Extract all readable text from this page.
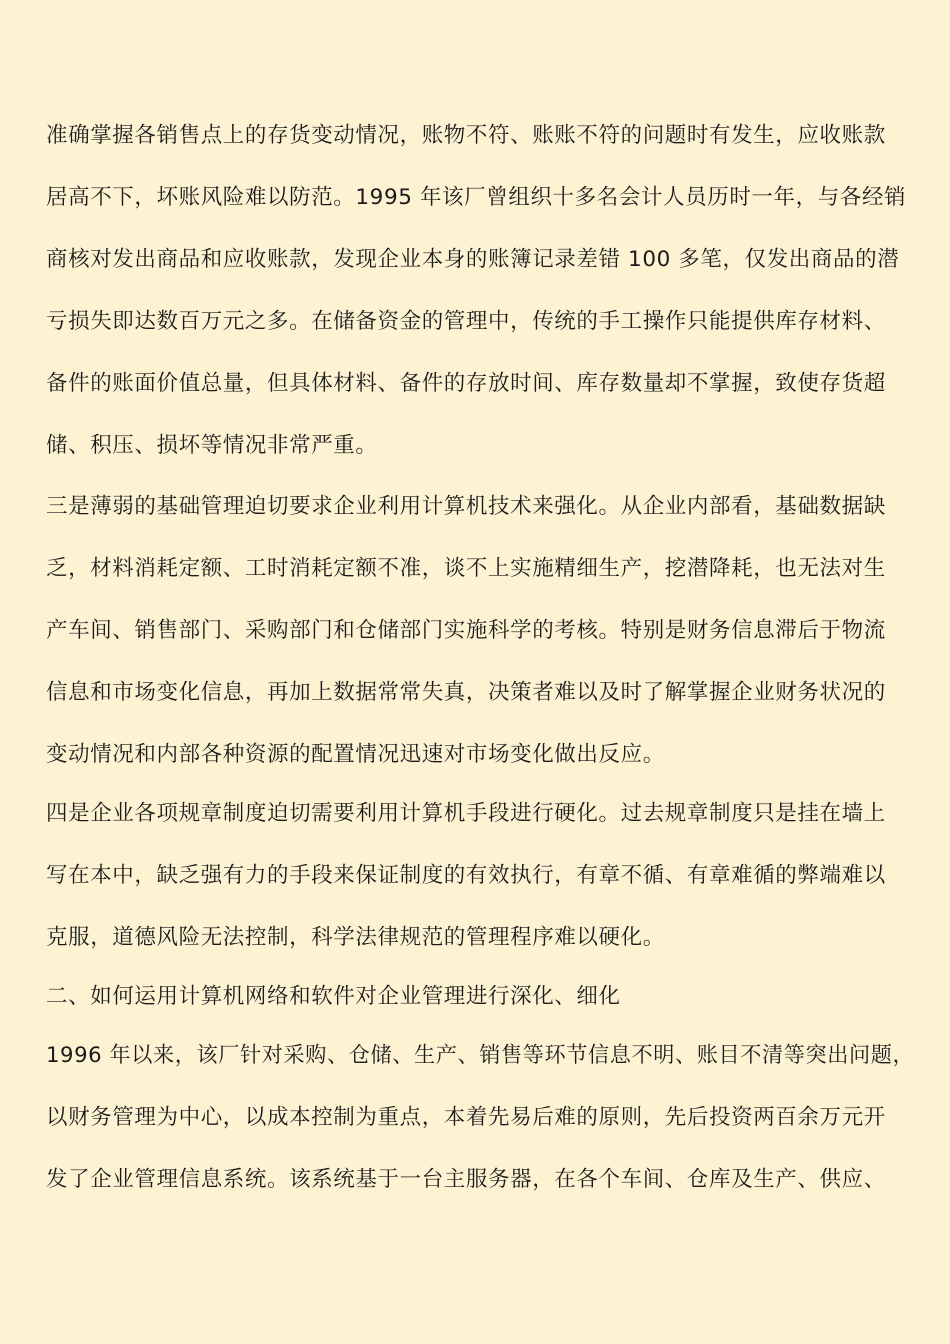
准确掌握各销售点上的存货变动情况，账物不符、账账不符的问题时有发生，应收账款
居高不下，坏账风险难以防范。1995 年该厂曾组织十多名会计人员历时一年，与各经销
商核对发出商品和应收账款，发现企业本身的账簿记录差错 100 多笔，仅发出商品的潜
亏损失即达数百万元之多。在储备资金的管理中，传统的手工操作只能提供库存材料、
备件的账面价值总量，但具体材料、备件的存放时间、库存数量却不掌握，致使存货超
储、积压、损坏等情况非常严重。
三是薄弱的基础管理迫切要求企业利用计算机技术来强化。从企业内部看，基础数据缺
乏，材料消耗定额、工时消耗定额不准，谈不上实施精细生产，挖潜降耗，也无法对生
产车间、销售部门、采购部门和仓储部门实施科学的考核。特别是财务信息滞后于物流
信息和市场变化信息，再加上数据常常失真，决策者难以及时了解掌握企业财务状况的
变动情况和内部各种资源的配置情况迅速对市场变化做出反应。
四是企业各项规章制度迫切需要利用计算机手段进行硬化。过去规章制度只是挂在墙上
写在本中，缺乏强有力的手段来保证制度的有效执行，有章不循、有章难循的弊端难以
克服，道德风险无法控制，科学法律规范的管理程序难以硬化。
二、如何运用计算机网络和软件对企业管理进行深化、细化
1996 年以来，该厂针对采购、仓储、生产、销售等环节信息不明、账目不清等突出问题，
以财务管理为中心，以成本控制为重点，本着先易后难的原则，先后投资两百余万元开
发了企业管理信息系统。该系统基于一台主服务器，在各个车间、仓库及生产、供应、
